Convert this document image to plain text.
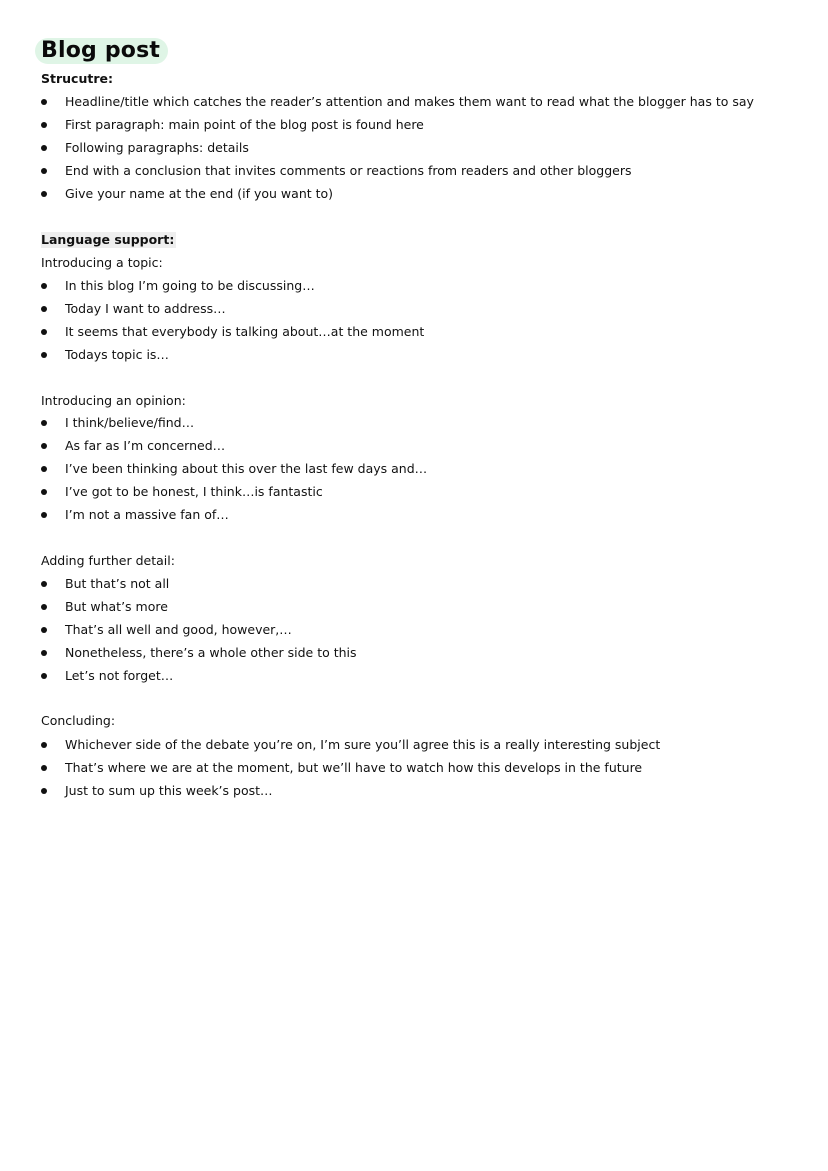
Blog post
Strucutre:
Headline/title which catches the reader’s attention and makes them want to read what the blogger has to say
First paragraph: main point of the blog post is found here
Following paragraphs: details
End with a conclusion that invites comments or reactions from readers and other bloggers
Give your name at the end (if you want to)
Language support:
Introducing a topic:
In this blog I’m going to be discussing…
Today I want to address…
It seems that everybody is talking about…at the moment
Todays topic is…
Introducing an opinion:
I think/believe/find…
As far as I’m concerned…
I’ve been thinking about this over the last few days and…
I’ve got to be honest, I think…is fantastic
I’m not a massive fan of…
Adding further detail:
But that’s not all
But what’s more
That’s all well and good, however,…
Nonetheless, there’s a whole other side to this
Let’s not forget…
Concluding:
Whichever side of the debate you’re on, I’m sure you’ll agree this is a really interesting subject
That’s where we are at the moment, but we’ll have to watch how this develops in the future
Just to sum up this week’s post…
